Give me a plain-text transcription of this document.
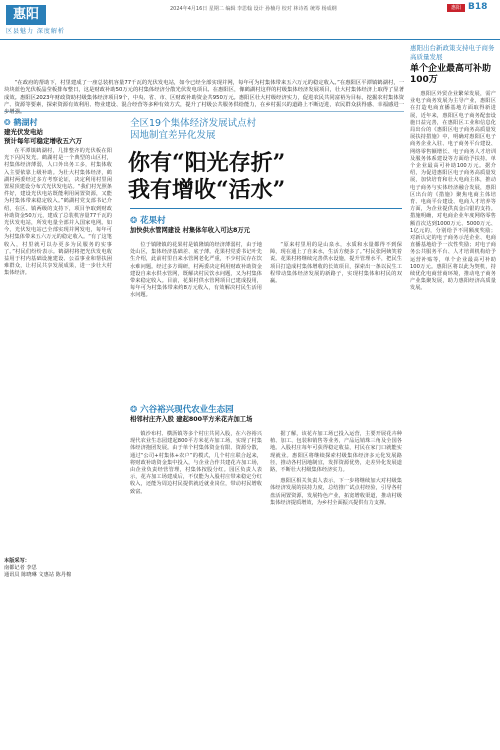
惠阳
区县魅力 深度解析
2024年4月16日 星期二 编辑 李思翰 设计 孙楠丹 校对 林诗希 统筹 杨成纲	惠阳 B18
“在政府的帮助下，村里建成了一座总装机容量77千瓦的光伏发电站，如今已经全部实现并网，每年可为村集体带来五六万元的稳定收入。”在惠阳区平潭镇鹤湖村，一块块蓝色光伏板晶莹板排布整日，这是财政补助50万元的村集体经济分散光伏发电项目。在惠阳区，像鹤湖村这样的村级集体经济发展项目，壮大村集体经济上取得了显著成效。惠阳区2023年财政资助村级集体经济项目9个，中央、省、市、区财政补助资金共950万元。惠阳区壮大村级经济实力，促进农民共同富裕为目标，挖掘农村集体资产、资源等要素，探索资源有效利用、物业建设、混合经营等多种有效方式，提升了村级公共服务供给能力，在乡村振兴的道路上不断迈进，农民群众获得感、幸福感进一步增强。
惠阳出台新政策支持电子商务高质量发展
单个企业最高可补助100万
惠阳区外贸企业繁荣发展，需产业电子商务发展为主导产业，惠阳区在打造电商直播基地方面取得新进展，近年来，惠阳区电子商务配套设施日益完善，在惠阳区工业和信息化局出台的《惠阳区电子商务高质量发展扶持措施》中，明确对惠阳区电子商务企业入驻、电子商务平台建设、网络零售额增长、电子商务人才培训及服务体系建设等方面给予扶持。单个企业最高可补助100万元。据介绍，为促进惠阳区电子商务高质量发展，加快培育和壮大电商主体，推动电子商务与实体经济融合发展，惠阳区出台的《措施》聚焦电商主体培育、电商平台建设、电商人才培养等方面，为企业提供真金白银的支持。措施明确，对电商企业年度网络零售额首次达到1000万元、5000万元、1亿元的，分别给予不同额度奖励；对新认定的电子商务示范企业、电商直播基地给予一次性奖励；对电子商务公共服务平台、人才培训机构给予运营补贴等，单个企业最高可补助100万元。惠阳区将以此为契机，持续优化电商营商环境，推动电子商务产业集聚发展，助力惠阳经济高质量发展。
❂ 鹤湖村
建光伏发电站
预计每年可稳定增收五六万
在平潭镇鹤湖村，几排整齐的光伏板在阳光下闪闪发光。鹤湖村是一个典型的山区村，村集体经济薄弱，人口外出务工多，村集体收入主要依靠上级补助。为壮大村集体经济，鹤湖村两委经过多方考察论证，决定利用村里闲置屋顶建设分布式光伏发电站。“我们村光照条件好，建设光伏电站既能利用闲置资源，又能为村集体带来稳定收入。”鹤湖村党支部书记介绍，在区、镇两级的支持下，项目争取到财政补助资金50万元，建成了总装机容量77千瓦的光伏发电站，所发电量全部并入国家电网。如今，光伏发电站已全部实现并网发电，每年可为村集体带来五六万元的稳定收入。“有了这笔收入，村里就可以办更多为民服务的实事了。”村民们纷纷表示。鹤湖村将把光伏发电收益用于村内基础设施建设、公益事业和帮扶困难群众，让村民共享发展成果，进一步壮大村集体经济。
本版采写：
南都记者 李思
通讯员 陈晓琳 文惠站 陈丹棉
全区19个集体经济发展试点村
因地制宜差异化发展
你有“阳光存折”
我有增收“活水”
❂ 花果村
加快供水管网建设 村集体年收入可达8万元
位于镇隆镇的花果村是镇隆镇的经济薄弱村，由于地处山区，集体经济基础差、底子薄。花果村党委书记叶先生介绍，此前村里自来水管网老化严重，不少村民存在饮水难问题。经过多方调研，村两委决定利用财政补助资金建设自来水供水管网，既解决村民饮水问题，又为村集体带来稳定收入。目前，花果村供水管网项目已建成投用，每年可为村集体带来约8万元收入，有效解决村民生活用水问题。
“原来村里用的是山泉水，水质和水量都得不到保障，现在通上了自来水，生活方便多了。”村民张阿姨笑着说。花果村将继续完善供水设施，提升管理水平，把民生项目打造成村集体增收的长效项目，探索出一条以民生工程带动集体经济发展的新路子，实现村集体和村民的双赢。
❂ 六谷裕兴现代农业生态园
相邻村庄齐入股 建起800平方米花卉加工场
镇沙布村、横沥镇等多个村庄共同入股，在六谷裕兴现代农业生态园建起800平方米花卉加工场，实现了村集体经济抱团发展。由于单个村集体资金有限、资源分散，通过“公司+村集体+农户”的模式，几个村庄联合起来，将财政补助资金集中投入，与企业合作共建花卉加工场，由企业负责经营管理，村集体按股分红。园区负责人表示，花卉加工场建成后，不仅能为入股村庄带来稳定分红收入，还能为周边村民提供就近就业岗位，带动村民增收致富。
据了解，该花卉加工场已投入运营，主要开展花卉种植、加工、包装和销售等业务，产品远销珠三角及全国各地。入股村庄每年可获得稳定收益，村民在家门口就能实现就业。惠阳区将继续探索村级集体经济多元化发展路径，推动各村因地制宜，发挥资源优势，走差异化发展道路，不断壮大村级集体经济实力。
惠阳区相关负责人表示，下一步将继续加大对村级集体经济发展的扶持力度，总结推广试点村经验，引导各村盘活闲置资源，发展特色产业，拓宽增收渠道，推动村级集体经济提质增效，为乡村全面振兴提供有力支撑。
